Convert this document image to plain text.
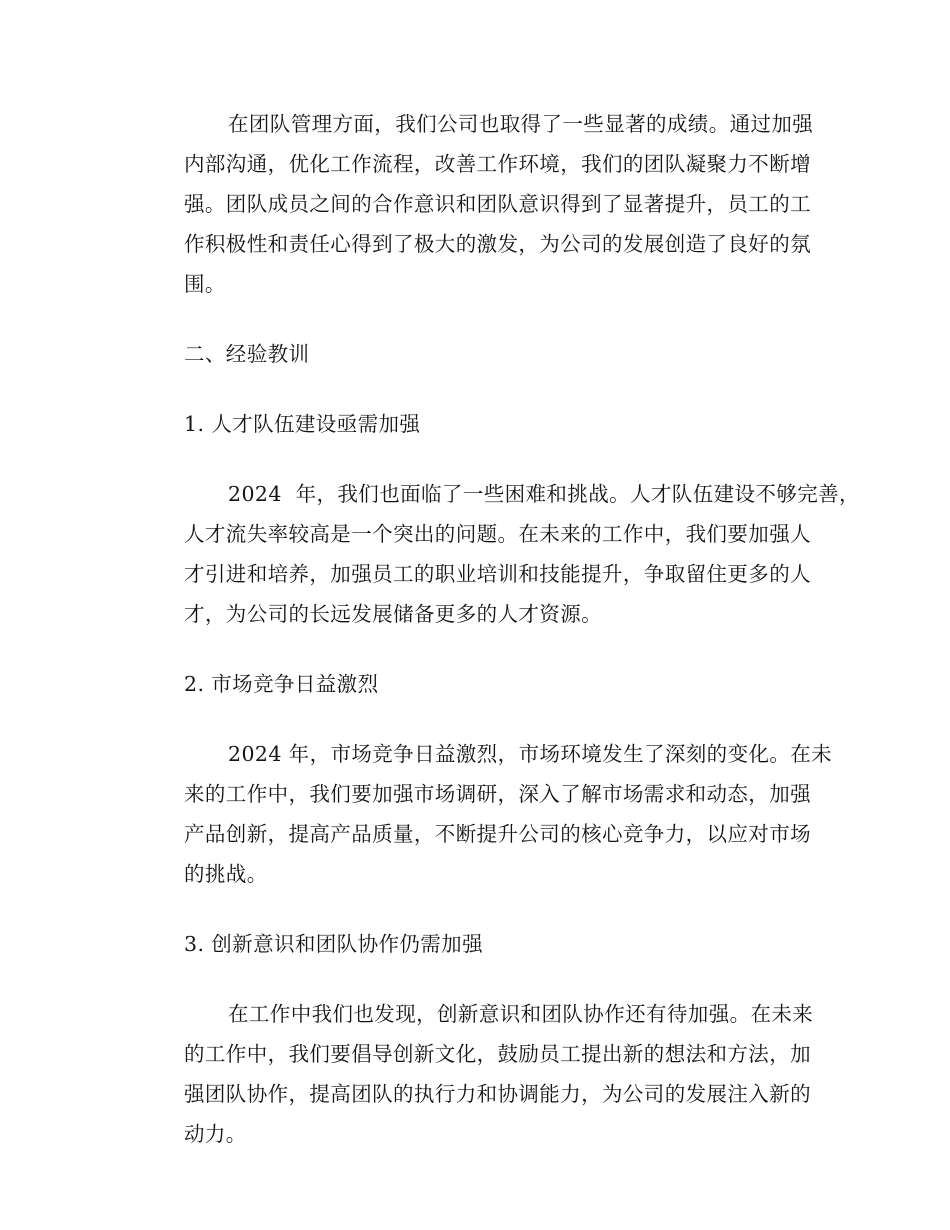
在团队管理方面，我们公司也取得了一些显著的成绩。通过加强
内部沟通，优化工作流程，改善工作环境，我们的团队凝聚力不断增
强。团队成员之间的合作意识和团队意识得到了显著提升，员工的工
作积极性和责任心得到了极大的激发，为公司的发展创造了良好的氛
围。

二、经验教训
1. 人才队伍建设亟需加强

2024  年，我们也面临了一些困难和挑战。人才队伍建设不够完善，
人才流失率较高是一个突出的问题。在未来的工作中，我们要加强人
才引进和培养，加强员工的职业培训和技能提升，争取留住更多的人
才，为公司的长远发展储备更多的人才资源。

2. 市场竞争日益激烈

2024 年，市场竞争日益激烈，市场环境发生了深刻的变化。在未
来的工作中，我们要加强市场调研，深入了解市场需求和动态，加强
产品创新，提高产品质量，不断提升公司的核心竞争力，以应对市场
的挑战。

3. 创新意识和团队协作仍需加强

在工作中我们也发现，创新意识和团队协作还有待加强。在未来
的工作中，我们要倡导创新文化，鼓励员工提出新的想法和方法，加
强团队协作，提高团队的执行力和协调能力，为公司的发展注入新的
动力。
